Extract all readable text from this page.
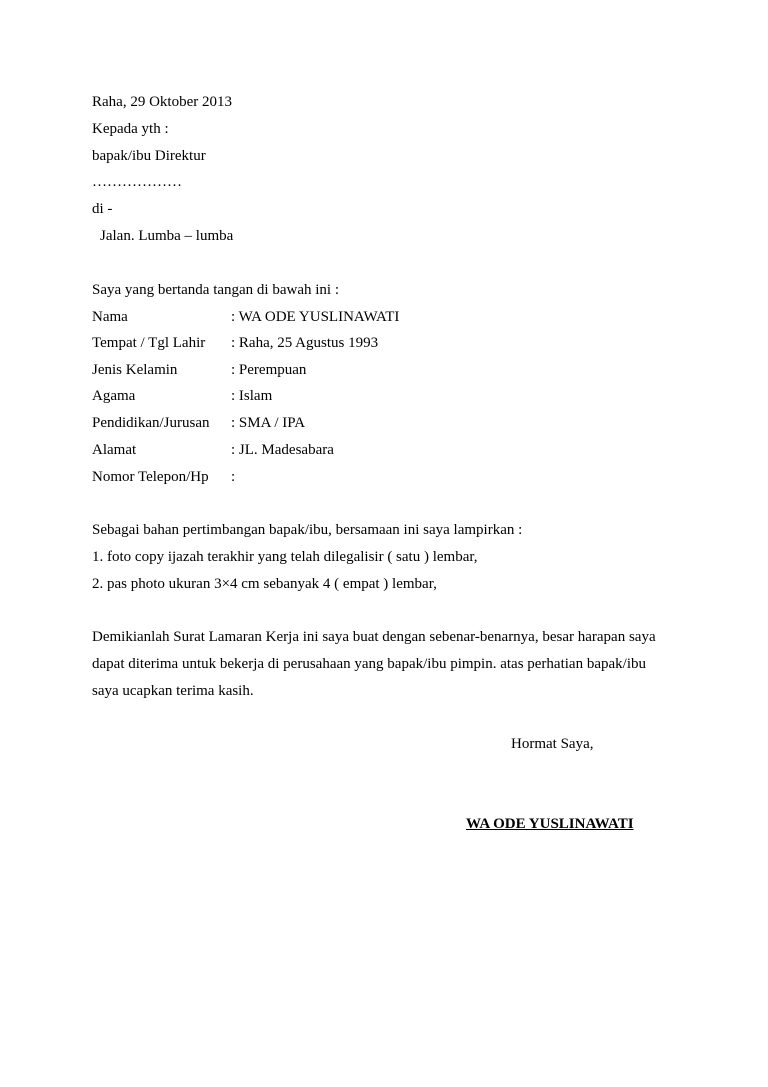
Raha, 29 Oktober 2013
Kepada yth :
bapak/ibu Direktur
………………
di -
Jalan. Lumba – lumba
Saya yang bertanda tangan di bawah ini :
Nama	: WA ODE YUSLINAWATI
Tempat / Tgl Lahir : Raha, 25 Agustus 1993
Jenis Kelamin	: Perempuan
Agama	: Islam
Pendidikan/Jurusan : SMA / IPA
Alamat	: JL. Madesabara
Nomor Telepon/Hp :
Sebagai bahan pertimbangan bapak/ibu, bersamaan ini saya lampirkan :
1. foto copy ijazah terakhir yang telah dilegalisir ( satu ) lembar,
2. pas photo ukuran 3×4 cm sebanyak 4 ( empat ) lembar,
Demikianlah Surat Lamaran Kerja ini saya buat dengan sebenar-benarnya, besar harapan saya
dapat diterima untuk bekerja di perusahaan yang bapak/ibu pimpin. atas perhatian bapak/ibu
saya ucapkan terima kasih.
Hormat Saya,
WA ODE YUSLINAWATI
